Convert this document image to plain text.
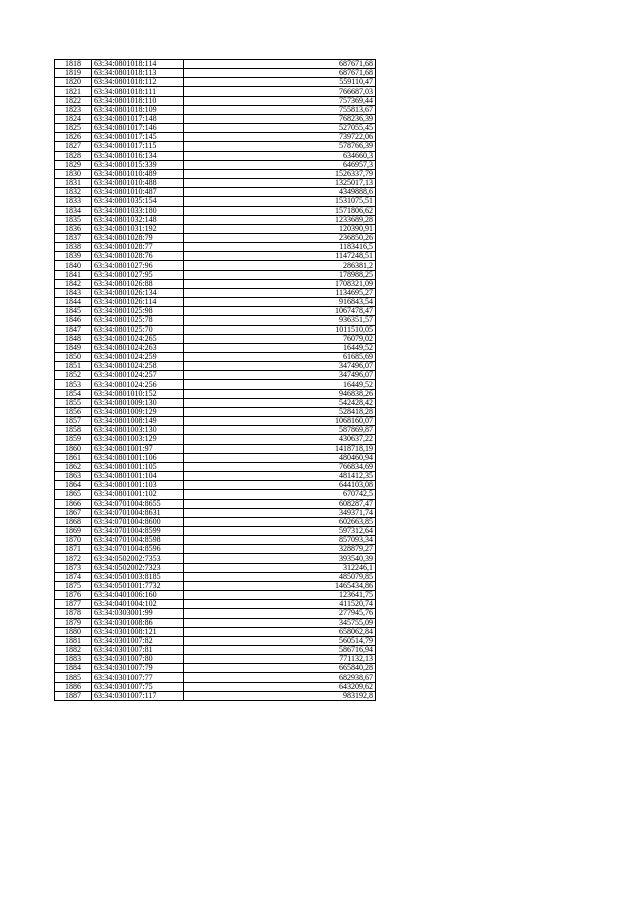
1818	63:34:0801018:114	687671,68
1819	63:34:0801018:113	687671,68
1820	63:34:0801018:112	559110,47
1821	63:34:0801018:111	766687,03
1822	63:34:0801018:110	757369,44
1823	63:34:0801018:109	755813,67
1824	63:34:0801017:148	768236,39
1825	63:34:0801017:146	527055,45
1826	63:34:0801017:145	739722,06
1827	63:34:0801017:115	578766,39
1828	63:34:0801016:134	634660,3
1829	63:34:0801015:339	646957,3
1830	63:34:0801010:489	1526337,79
1831	63:34:0801010:488	1325017,13
1832	63:34:0801010:487	4349888,6
1833	63:34:0801035:154	1531075,51
1834	63:34:0801033:180	1571806,62
1835	63:34:0801032:148	1233689,28
1836	63:34:0801031:192	120390,91
1837	63:34:0801028:79	236850,26
1838	63:34:0801028:77	1183416,5
1839	63:34:0801028:76	1147248,51
1840	63:34:0801027:96	286381,2
1841	63:34:0801027:95	178988,25
1842	63:34:0801026:88	1708321,09
1843	63:34:0801026:134	1134695,27
1844	63:34:0801026:114	916843,54
1845	63:34:0801025:98	1067478,47
1846	63:34:0801025:78	936351,57
1847	63:34:0801025:70	1011510,05
1848	63:34:0801024:265	76079,02
1849	63:34:0801024:263	16449,52
1850	63:34:0801024:259	61685,69
1851	63:34:0801024:258	347496,07
1852	63:34:0801024:257	347496,07
1853	63:34:0801024:256	16449,52
1854	63:34:0801010:152	946838,26
1855	63:34:0801009:130	542428,42
1856	63:34:0801009:129	528418,28
1857	63:34:0801008:149	1068160,07
1858	63:34:0801003:130	587869,87
1859	63:34:0801003:129	430637,22
1860	63:34:0801001:97	1418718,19
1861	63:34:0801001:106	480460,94
1862	63:34:0801001:105	766834,69
1863	63:34:0801001:104	481412,35
1864	63:34:0801001:103	644103,08
1865	63:34:0801001:102	670742,5
1866	63:34:0701004:8655	608287,47
1867	63:34:0701004:8631	349371,74
1868	63:34:0701004:8600	602663,85
1869	63:34:0701004:8599	597312,64
1870	63:34:0701004:8598	857093,34
1871	63:34:0701004:8596	328879,27
1872	63:34:0502002:7353	393540,39
1873	63:34:0502002:7323	312246,1
1874	63:34:0501003:8185	485079,85
1875	63:34:0501001:7732	1465434,86
1876	63:34:0401006:160	123641,75
1877	63:34:0401004:102	411520,74
1878	63:34:0303001:99	277945,76
1879	63:34:0301008:86	345755,09
1880	63:34:0301008:121	658062,84
1881	63:34:0301007:82	560514,79
1882	63:34:0301007:81	586716,94
1883	63:34:0301007:80	771132,13
1884	63:34:0301007:79	665840,28
1885	63:34:0301007:77	682938,67
1886	63:34:0301007:75	643209,62
1887	63:34:0301007:117	983192,8
